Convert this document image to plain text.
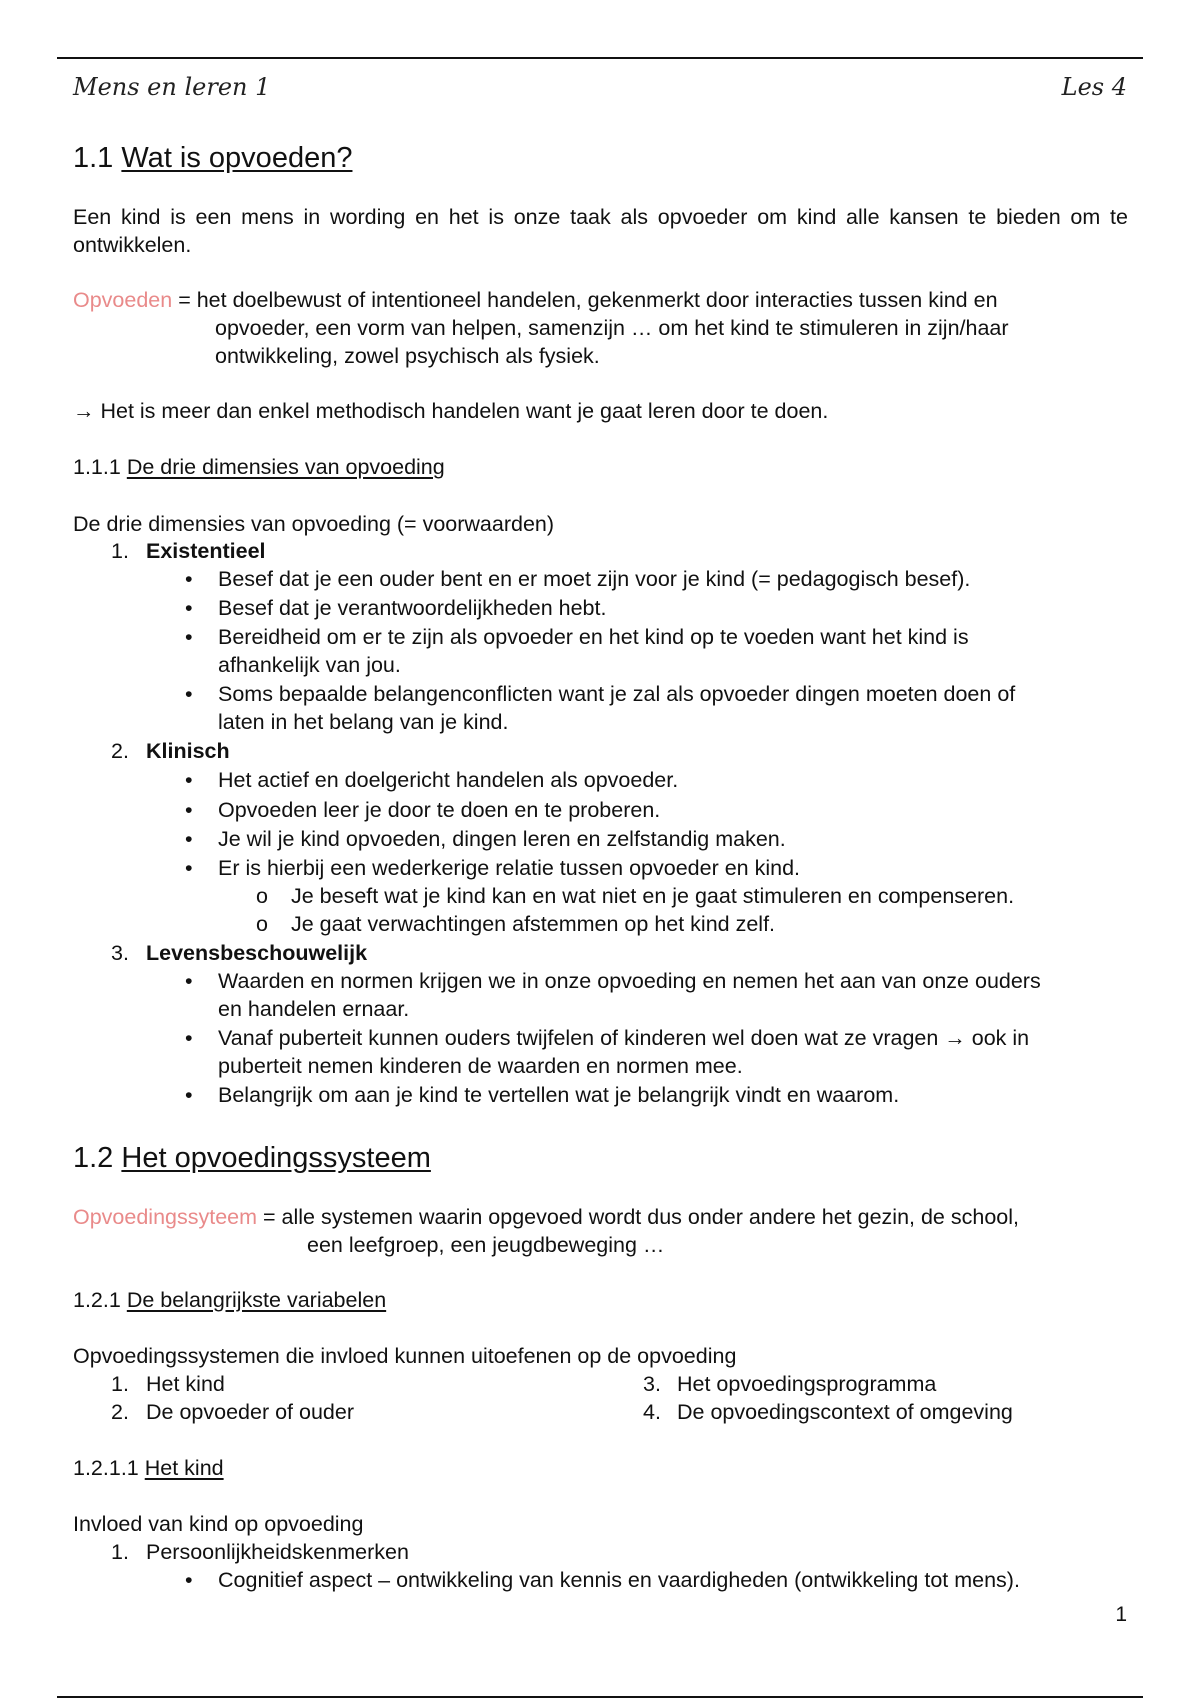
Mens en leren 1	Les 4
1.1 Wat is opvoeden?
Een kind is een mens in wording en het is onze taak als opvoeder om kind alle kansen te bieden om te ontwikkelen.
Opvoeden = het doelbewust of intentioneel handelen, gekenmerkt door interacties tussen kind en
opvoeder, een vorm van helpen, samenzijn … om het kind te stimuleren in zijn/haar
ontwikkeling, zowel psychisch als fysiek.
→ Het is meer dan enkel methodisch handelen want je gaat leren door te doen.
1.1.1 De drie dimensies van opvoeding
De drie dimensies van opvoeding (= voorwaarden)
1. Existentieel
• Besef dat je een ouder bent en er moet zijn voor je kind (= pedagogisch besef).
• Besef dat je verantwoordelijkheden hebt.
• Bereidheid om er te zijn als opvoeder en het kind op te voeden want het kind is
afhankelijk van jou.
• Soms bepaalde belangenconflicten want je zal als opvoeder dingen moeten doen of
laten in het belang van je kind.
2. Klinisch
• Het actief en doelgericht handelen als opvoeder.
• Opvoeden leer je door te doen en te proberen.
• Je wil je kind opvoeden, dingen leren en zelfstandig maken.
• Er is hierbij een wederkerige relatie tussen opvoeder en kind.
o Je beseft wat je kind kan en wat niet en je gaat stimuleren en compenseren.
o Je gaat verwachtingen afstemmen op het kind zelf.
3. Levensbeschouwelijk
• Waarden en normen krijgen we in onze opvoeding en nemen het aan van onze ouders
en handelen ernaar.
• Vanaf puberteit kunnen ouders twijfelen of kinderen wel doen wat ze vragen → ook in
puberteit nemen kinderen de waarden en normen mee.
• Belangrijk om aan je kind te vertellen wat je belangrijk vindt en waarom.
1.2 Het opvoedingssysteem
Opvoedingssyteem = alle systemen waarin opgevoed wordt dus onder andere het gezin, de school,
een leefgroep, een jeugdbeweging …
1.2.1 De belangrijkste variabelen
Opvoedingssystemen die invloed kunnen uitoefenen op de opvoeding
1. Het kind
2. De opvoeder of ouder
3. Het opvoedingsprogramma
4. De opvoedingscontext of omgeving
1.2.1.1 Het kind
Invloed van kind op opvoeding
1. Persoonlijkheidskenmerken
• Cognitief aspect – ontwikkeling van kennis en vaardigheden (ontwikkeling tot mens).
1
